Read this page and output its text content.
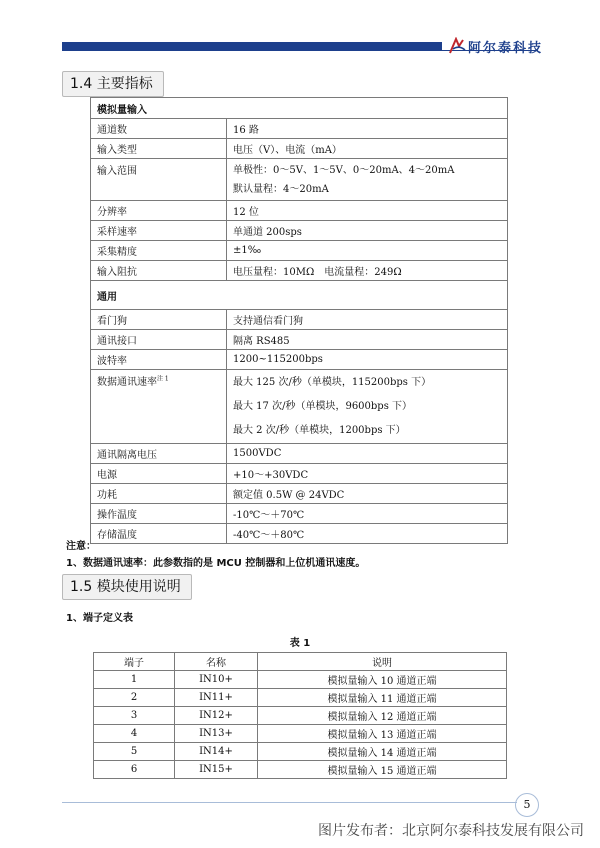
阿尔泰科技
1.4 主要指标
模拟量输入	
通道数	16 路
输入类型	电压（V）、电流（mA）
输入范围	单极性：0～5V、1～5V、0～20mA、4～20mA
默认量程：4～20mA

分辨率	12 位
采样速率	单通道 200sps
采集精度	±1‰
输入阻抗	电压量程：10MΩ　电流量程：249Ω
通用	
看门狗	支持通信看门狗
通讯接口	隔离 RS485
波特率	1200~115200bps
数据通讯速率$^{注 1}$	最大 125 次/秒（单模块，115200bps 下）
最大 17 次/秒（单模块，9600bps 下）
最大 2 次/秒（单模块，1200bps 下）

通讯隔离电压	1500VDC
电源	+10～+30VDC
功耗	额定值 0.5W @ 24VDC
操作温度	-10℃～＋70℃
存储温度	-40℃～＋80℃
注意：
1、数据通讯速率：此参数指的是 MCU 控制器和上位机通讯速度。
1.5 模块使用说明
1、端子定义表
表 1
端子	名称	说明
1	IN10+	模拟量输入 10 通道正端
2	IN11+	模拟量输入 11 通道正端
3	IN12+	模拟量输入 12 通道正端
4	IN13+	模拟量输入 13 通道正端
5	IN14+	模拟量输入 14 通道正端
6	IN15+	模拟量输入 15 通道正端
5
图片发布者：北京阿尔泰科技发展有限公司
